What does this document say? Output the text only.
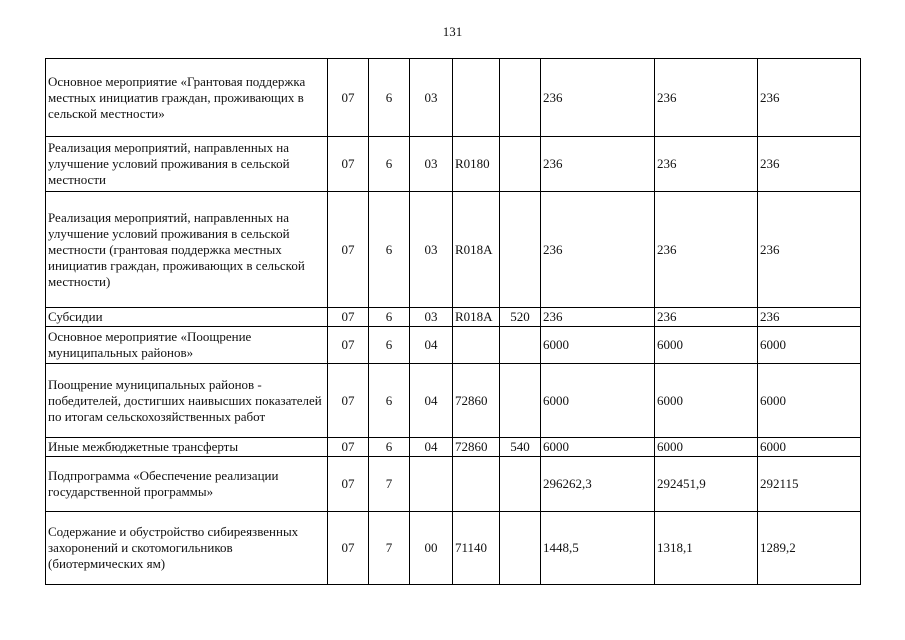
131
Основное мероприятие «Грантовая поддержка местных инициатив граждан, проживающих в сельской местности»	07	6	03			236	236	236
Реализация мероприятий, направленных на улучшение условий проживания в сельской местности	07	6	03	R0180		236	236	236
Реализация мероприятий, направленных на улучшение условий проживания в сельской местности (грантовая поддержка местных инициатив граждан, проживающих в сельской местности)	07	6	03	R018A		236	236	236
Субсидии	07	6	03	R018A	520	236	236	236
Основное мероприятие «Поощрение муниципальных районов»	07	6	04			6000	6000	6000
Поощрение муниципальных районов - победителей, достигших наивысших показателей по итогам сельскохозяйственных работ	07	6	04	72860		6000	6000	6000
Иные межбюджетные трансферты	07	6	04	72860	540	6000	6000	6000
Подпрограмма «Обеспечение реализации государственной программы»	07	7				296262,3	292451,9	292115
Содержание и обустройство сибиреязвенных захоронений и скотомогильников (биотермических ям)	07	7	00	71140		1448,5	1318,1	1289,2
